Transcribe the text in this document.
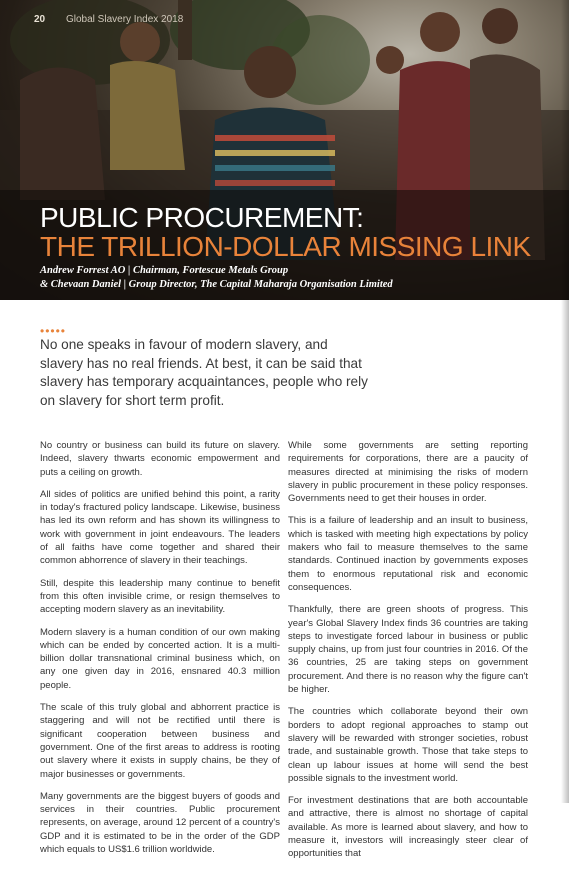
20 Global Slavery Index 2018
PUBLIC PROCUREMENT:
THE TRILLION-DOLLAR MISSING LINK
Andrew Forrest AO | Chairman, Fortescue Metals Group
& Chevaan Daniel | Group Director, The Capital Maharaja Organisation Limited
•••••
No one speaks in favour of modern slavery, and slavery has no real friends. At best, it can be said that slavery has temporary acquaintances, people who rely on slavery for short term profit.

No country or business can build its future on slavery. Indeed, slavery thwarts economic empowerment and puts a ceiling on growth.

All sides of politics are unified behind this point, a rarity in today's fractured policy landscape. Likewise, business has led its own reform and has shown its willingness to work with government in joint endeavours. The leaders of all faiths have come together and shared their common abhorrence of slavery in their teachings.

Still, despite this leadership many continue to benefit from this often invisible crime, or resign themselves to accepting modern slavery as an inevitability.

Modern slavery is a human condition of our own making which can be ended by concerted action. It is a multi-billion dollar transnational criminal business which, on any one given day in 2016, ensnared 40.3 million people.

The scale of this truly global and abhorrent practice is staggering and will not be rectified until there is significant cooperation between business and government. One of the first areas to address is rooting out slavery where it exists in supply chains, be they of major businesses or governments.

Many governments are the biggest buyers of goods and services in their countries. Public procurement represents, on average, around 12 percent of a country's GDP and it is estimated to be in the order of the GDP which equals to US$1.6 trillion worldwide.

While some governments are setting reporting requirements for corporations, there are a paucity of measures directed at minimising the risks of modern slavery in public procurement in these policy responses. Governments need to get their houses in order.

This is a failure of leadership and an insult to business, which is tasked with meeting high expectations by policy makers who fail to measure themselves to the same standards. Continued inaction by governments exposes them to enormous reputational risk and economic consequences.

Thankfully, there are green shoots of progress. This year's Global Slavery Index finds 36 countries are taking steps to investigate forced labour in business or public supply chains, up from just four countries in 2016. Of the 36 countries, 25 are taking steps on government procurement. And there is no reason why the figure can't be higher.

The countries which collaborate beyond their own borders to adopt regional approaches to stamp out slavery will be rewarded with stronger societies, robust trade, and sustainable growth. Those that take steps to clean up labour issues at home will send the best possible signals to the investment world.

For investment destinations that are both accountable and attractive, there is almost no shortage of capital available. As more is learned about slavery, and how to measure it, investors will increasingly steer clear of opportunities that
